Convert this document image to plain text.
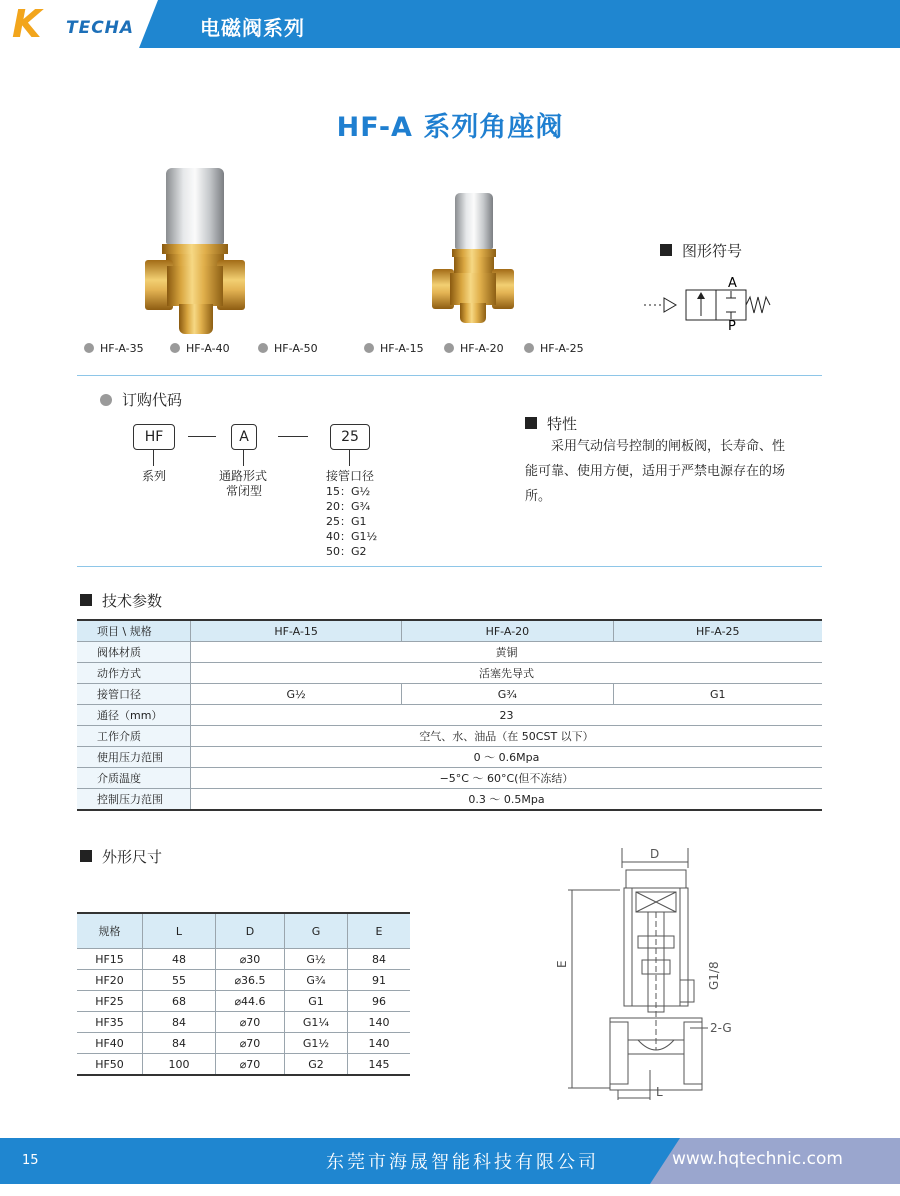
K TECHA	电磁阀系列
HF-A 系列角座阀
HF-A-35	HF-A-40	HF-A-50	HF-A-15	HF-A-20	HF-A-25
图形符号
A
P
订购代码
HF	A	25
系列	通路形式
常闭型
接管口径
15：G½
20：G¾
25：G1
40：G1½
50：G2
特性
采用气动信号控制的闸板阀，长寿命、性
能可靠、使用方便，适用于严禁电源存在的场
所。
技术参数
项目 \ 规格	HF-A-15	HF-A-20	HF-A-25
阀体材质	黄铜		
动作方式	活塞先导式		
接管口径	G½	G¾	G1
通径（mm）	23		
工作介质	空气、水、油品（在 50CST 以下）		
使用压力范围	0 ～ 0.6Mpa		
介质温度	−5°C ～ 60°C(但不冻结）		
控制压力范围	0.3 ～ 0.5Mpa		
外形尺寸
规格	L	D	G	E
HF15	48	⌀30	G½	84
HF20	55	⌀36.5	G¾	91
HF25	68	⌀44.6	G1	96
HF35	84	⌀70	G1¼	140
HF40	84	⌀70	G1½	140
HF50	100	⌀70	G2	145
D
E	G1/8
2-G
L
15	东莞市海晟智能科技有限公司	www.hqtechnic.com
